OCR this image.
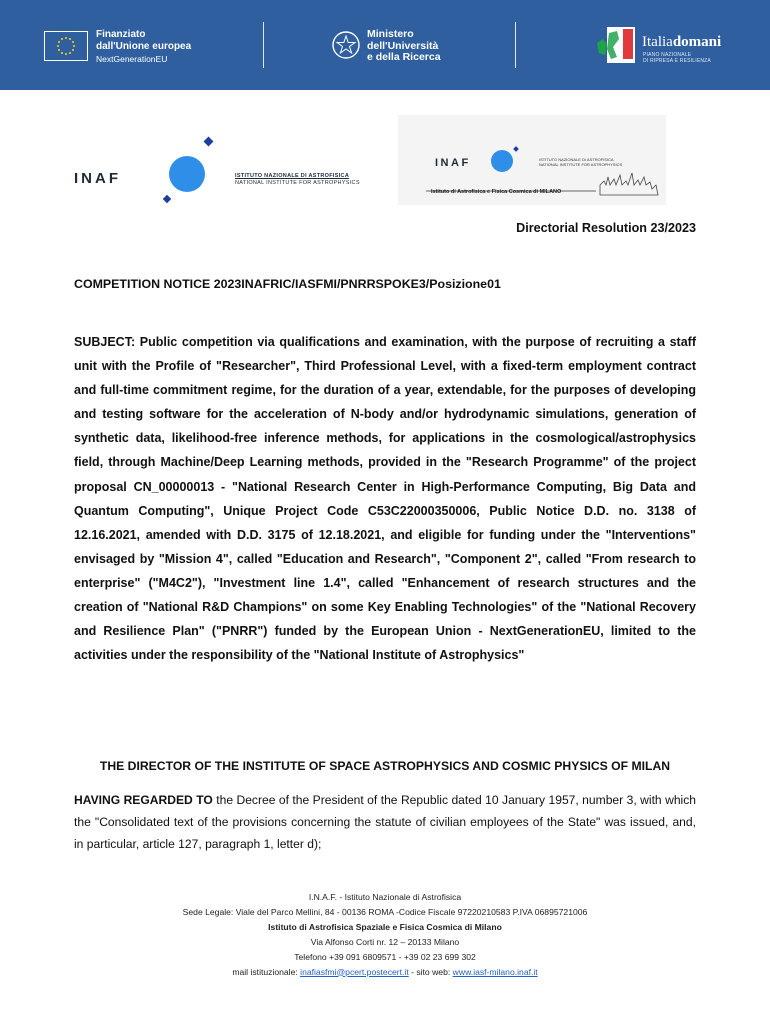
Finanziato
dall'Unione europea
NextGenerationEU
Ministero
dell'Università
e della Ricerca
Italiadomani
PIANO NAZIONALE
DI RIPRESA E RESILIENZA
INAF	ISTITUTO NAZIONALE DI ASTROFISICA
NATIONAL INSTITUTE FOR ASTROPHYSICS
INAF	ISTITUTO NAZIONALE DI ASTROFISICA
NATIONAL INSTITUTE FOR ASTROPHYSICS
Istituto di Astrofisica e Fisica Cosmica di MILANO
Directorial Resolution 23/2023
COMPETITION NOTICE 2023INAFRIC/IASFMI/PNRRSPOKE3/Posizione01
SUBJECT: Public competition via qualifications and examination, with the purpose of recruiting a staff unit with the Profile of "Researcher", Third Professional Level, with a fixed-term employment contract and full-time commitment regime, for the duration of a year, extendable, for the purposes of developing and testing software for the acceleration of N-body and/or hydrodynamic simulations, generation of synthetic data, likelihood-free inference methods, for applications in the cosmological/astrophysics field, through Machine/Deep Learning methods, provided in the "Research Programme" of the project proposal CN_00000013 - "National Research Center in High-Performance Computing, Big Data and Quantum Computing", Unique Project Code C53C22000350006, Public Notice D.D. no. 3138 of 12.16.2021, amended with D.D. 3175 of 12.18.2021, and eligible for funding under the "Interventions" envisaged by "Mission 4", called "Education and Research", "Component 2", called "From research to enterprise" ("M4C2"), "Investment line 1.4", called "Enhancement of research structures and the creation of "National R&D Champions" on some Key Enabling Technologies" of the "National Recovery and Resilience Plan" ("PNRR") funded by the European Union - NextGenerationEU, limited to the activities under the responsibility of the "National Institute of Astrophysics"
THE DIRECTOR OF THE INSTITUTE OF SPACE ASTROPHYSICS AND COSMIC PHYSICS OF MILAN
HAVING REGARDED TO the Decree of the President of the Republic dated 10 January 1957, number 3, with which the "Consolidated text of the provisions concerning the statute of civilian employees of the State" was issued, and, in particular, article 127, paragraph 1, letter d);
I.N.A.F. - Istituto Nazionale di Astrofisica
Sede Legale: Viale del Parco Mellini, 84 - 00136 ROMA -Codice Fiscale 97220210583 P.IVA 06895721006
Istituto di Astrofisica Spaziale e Fisica Cosmica di Milano
Via Alfonso Corti nr. 12 – 20133 Milano
Telefono +39 091 6809571 - +39 02 23 699 302
mail istituzionale: inafiasfmi@pcert.postecert.it - sito web: www.iasf-milano.inaf.it
